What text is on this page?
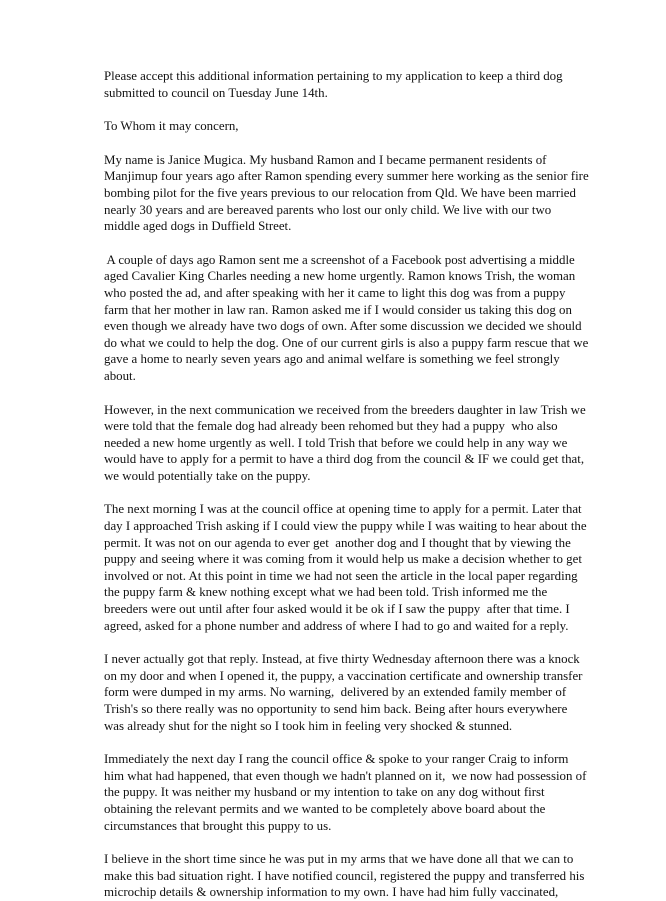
Please accept this additional information pertaining to my application to keep a third dog
submitted to council on Tuesday June 14th.

To Whom it may concern,

My name is Janice Mugica. My husband Ramon and I became permanent residents of
Manjimup four years ago after Ramon spending every summer here working as the senior fire
bombing pilot for the five years previous to our relocation from Qld. We have been married
nearly 30 years and are bereaved parents who lost our only child. We live with our two
middle aged dogs in Duffield Street.

A couple of days ago Ramon sent me a screenshot of a Facebook post advertising a middle
aged Cavalier King Charles needing a new home urgently. Ramon knows Trish, the woman
who posted the ad, and after speaking with her it came to light this dog was from a puppy
farm that her mother in law ran. Ramon asked me if I would consider us taking this dog on
even though we already have two dogs of own. After some discussion we decided we should
do what we could to help the dog. One of our current girls is also a puppy farm rescue that we
gave a home to nearly seven years ago and animal welfare is something we feel strongly
about.

However, in the next communication we received from the breeders daughter in law Trish we
were told that the female dog had already been rehomed but they had a puppy  who also
needed a new home urgently as well. I told Trish that before we could help in any way we
would have to apply for a permit to have a third dog from the council & IF we could get that,
we would potentially take on the puppy.

The next morning I was at the council office at opening time to apply for a permit. Later that
day I approached Trish asking if I could view the puppy while I was waiting to hear about the
permit. It was not on our agenda to ever get  another dog and I thought that by viewing the
puppy and seeing where it was coming from it would help us make a decision whether to get
involved or not. At this point in time we had not seen the article in the local paper regarding
the puppy farm & knew nothing except what we had been told. Trish informed me the
breeders were out until after four asked would it be ok if I saw the puppy  after that time. I
agreed, asked for a phone number and address of where I had to go and waited for a reply.

I never actually got that reply. Instead, at five thirty Wednesday afternoon there was a knock
on my door and when I opened it, the puppy, a vaccination certificate and ownership transfer
form were dumped in my arms. No warning,  delivered by an extended family member of
Trish's so there really was no opportunity to send him back. Being after hours everywhere
was already shut for the night so I took him in feeling very shocked & stunned.

Immediately the next day I rang the council office & spoke to your ranger Craig to inform
him what had happened, that even though we hadn't planned on it,  we now had possession of
the puppy. It was neither my husband or my intention to take on any dog without first
obtaining the relevant permits and we wanted to be completely above board about the
circumstances that brought this puppy to us.

I believe in the short time since he was put in my arms that we have done all that we can to
make this bad situation right. I have notified council, registered the puppy and transferred his
microchip details & ownership information to my own. I have had him fully vaccinated,
